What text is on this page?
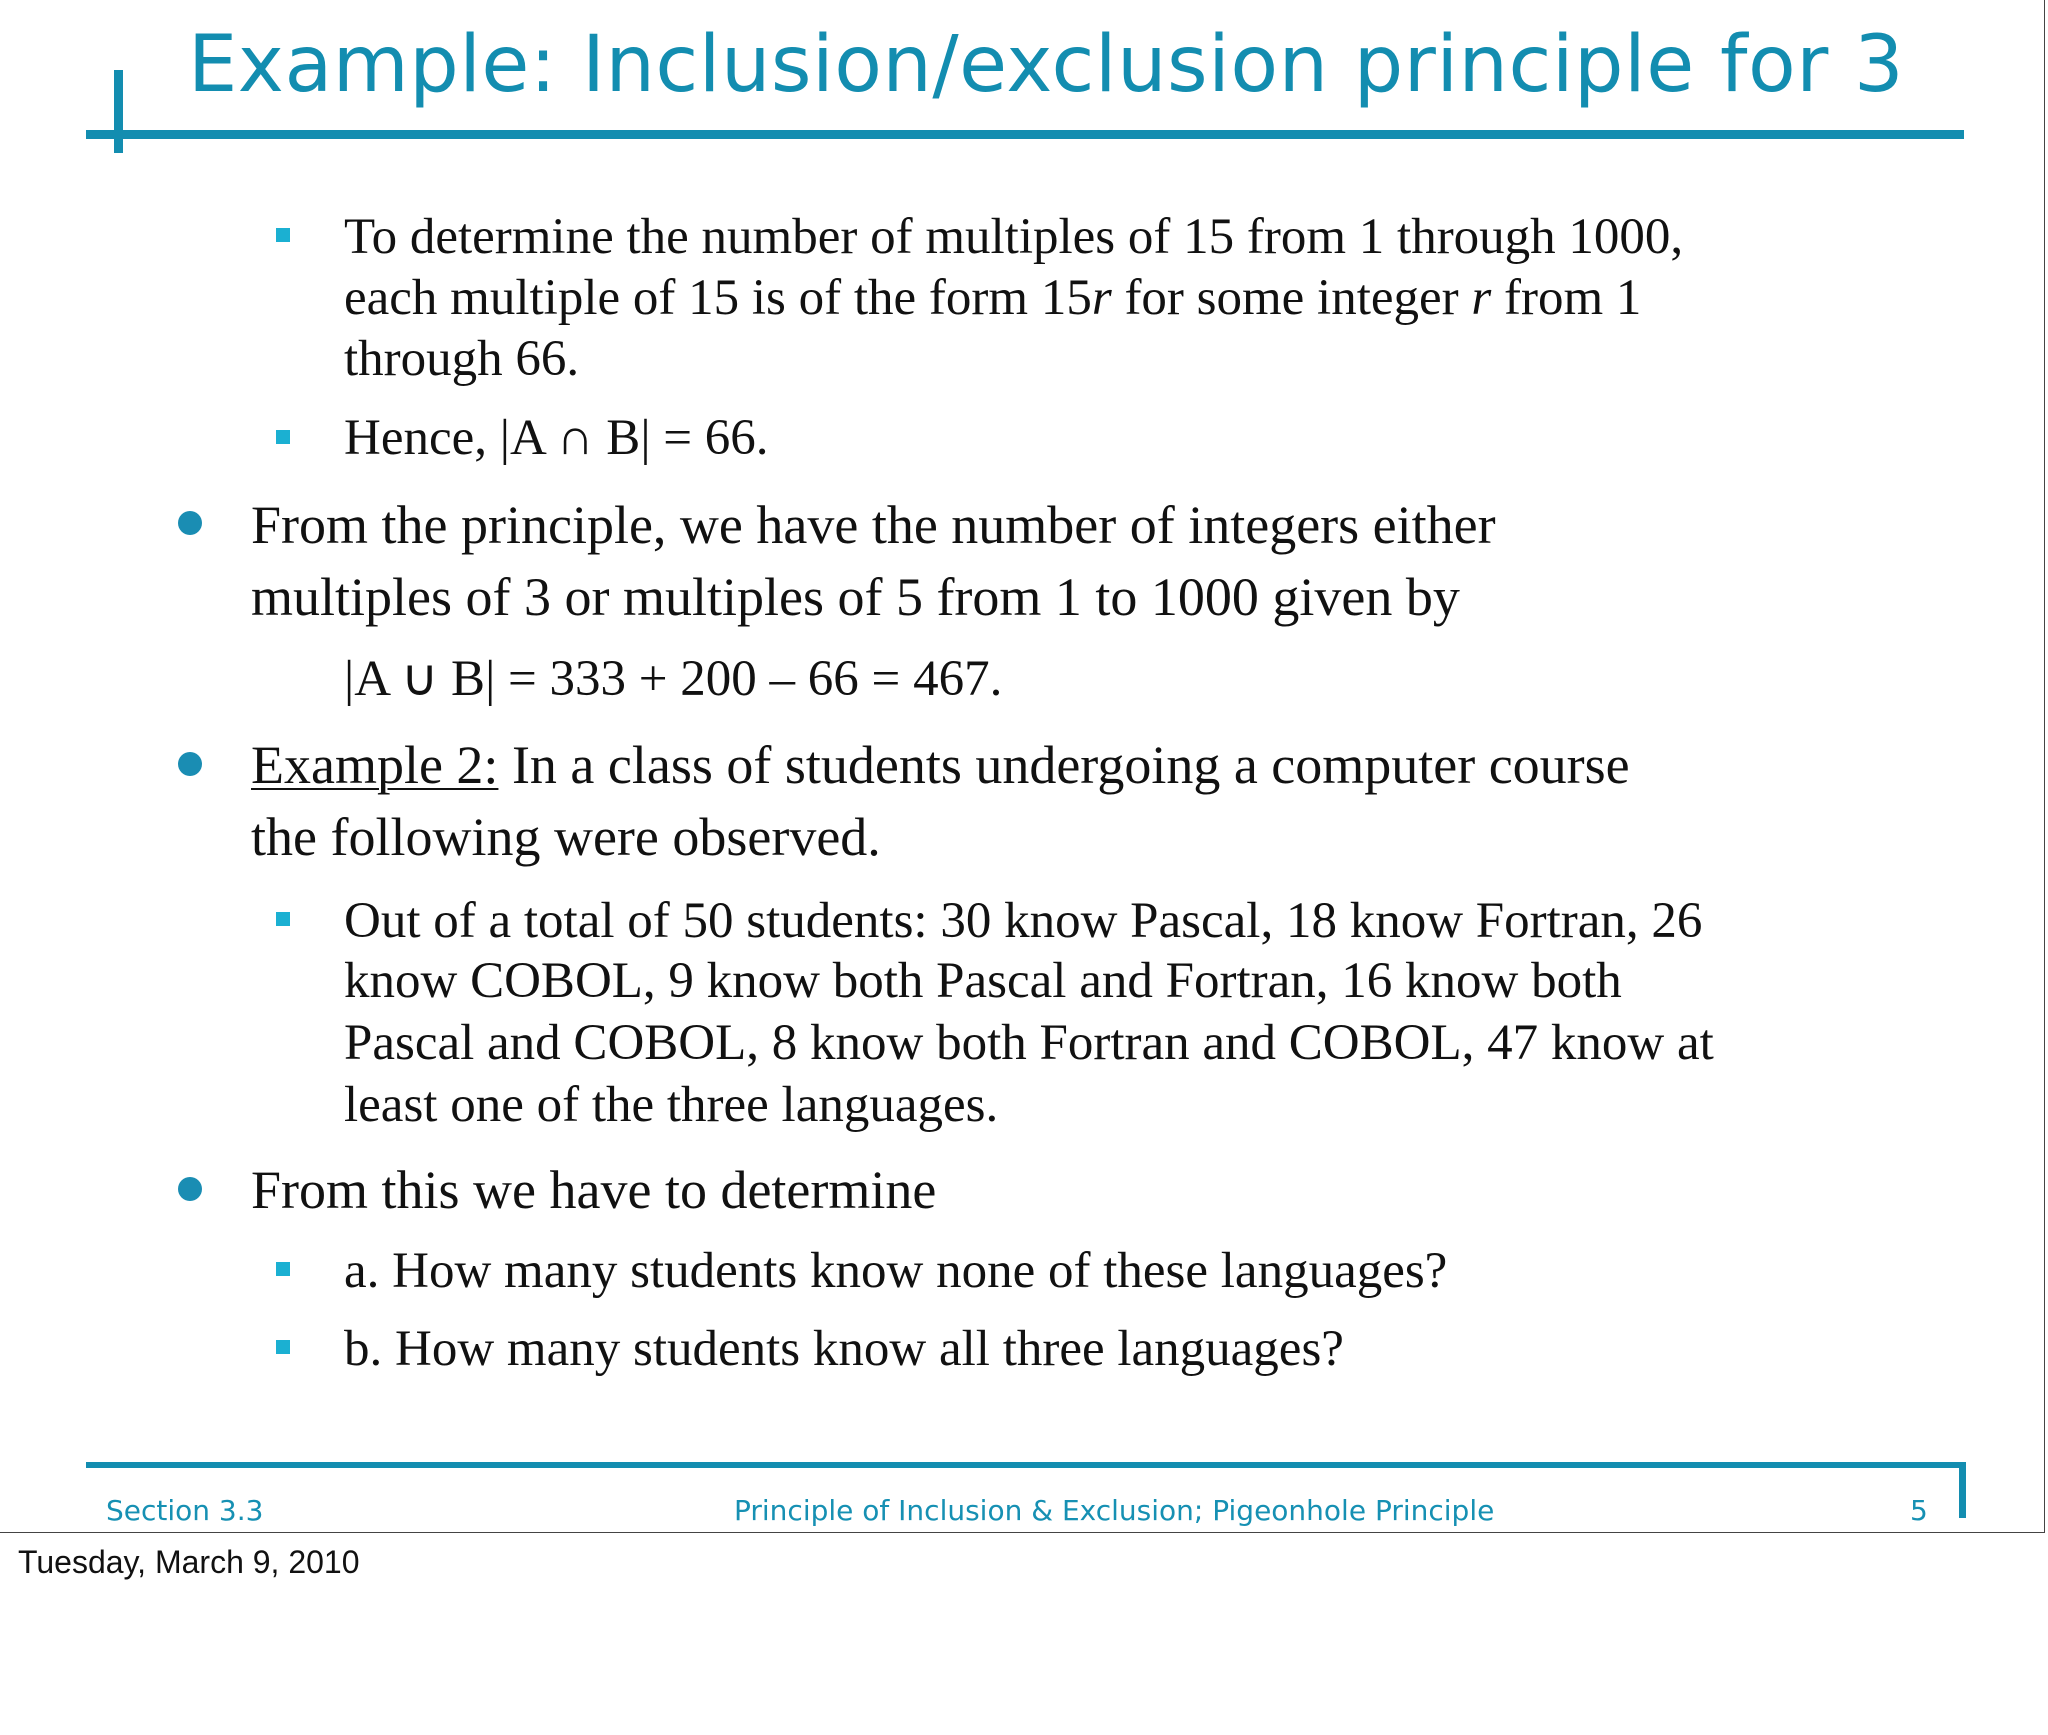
Example: Inclusion/exclusion principle for 3
To determine the number of multiples of 15 from 1 through 1000,
each multiple of 15 is of the form 15r for some integer r from 1
through 66.
Hence, |A ∩ B| = 66.
From the principle, we have the number of integers either
multiples of 3 or multiples of 5 from 1 to 1000 given by
|A ∪ B| = 333 + 200 – 66 = 467.
Example 2: In a class of students undergoing a computer course
the following were observed.
Out of a total of 50 students: 30 know Pascal, 18 know Fortran, 26
know COBOL, 9 know both Pascal and Fortran, 16 know both
Pascal and COBOL, 8 know both Fortran and COBOL, 47 know at
least one of the three languages.
From this we have to determine
a. How many students know none of these languages?
b. How many students know all three languages?
Section 3.3	Principle of Inclusion & Exclusion; Pigeonhole Principle	5
Tuesday, March 9, 2010
